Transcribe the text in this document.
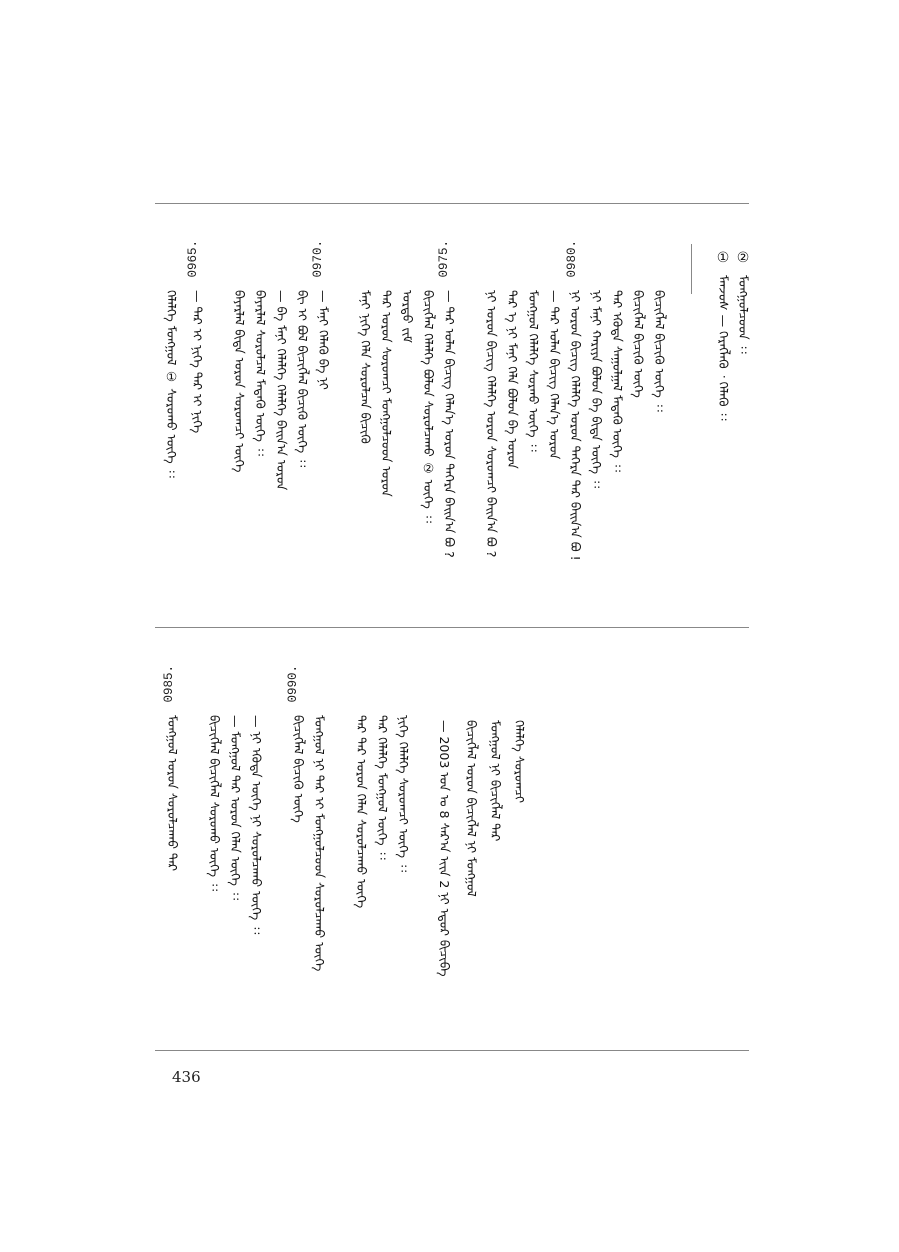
① ②
ᠮᠣᠩᠭᠣᠯᠴᠤᠳ ᠄᠄
ᠮᠠᠨᠵᠤᠰ — ᠬᠡᠷᠡᠭᠯᠡᠬᠦ ᠂ ᠬᠡᠯᠡᠬᠦ ᠄᠄
0980.
0975.
0970.
0965.
ᠪᠢᠴᠢᠭᠯᠡᠯ ᠪᠢᠴᠢᠬᠦ ᠦᠭᠡ ᠄᠄
ᠪᠢᠴᠢᠭᠯᠡᠯ ᠪᠢᠴᠢᠬᠦ ᠦᠭᠡ
ᠲᠡᠷ ᠡᠭᠦᠳᠡ ᠰᠠᠭᠤᠯᠭᠠᠯ ᠮᠡᠳᠡᠬᠦ ᠦᠭᠡ ᠄᠄
ᠨᠢ ᠮᠠᠨᠢ ᠬᠠᠷᠢᠶᠠ ᠪᠣᠯᠤᠨ ᠪᠠ ᠪᠢᠳᠡ ᠦᠭᠡ ᠄᠄
ᠨᠢ ᠣᠷᠣᠨ ᠪᠢᠴᠢᠭ ᠬᠡᠯᠡᠯᠭᠡ ᠣᠷᠣᠨ ᠳᠡᠭᠡᠷᠡ ᠲᠡᠷ ᠪᠠᠢᠨ᠎ᠠ ᠪᠣ !
— ᠲᠡᠷ ᠣᠯᠠᠨ ᠪᠢᠴᠢᠭ ᠬᠡᠯᠡᠨ᠎ᠡ ᠣᠷᠣᠨ
ᠮᠣᠩᠭᠣᠯ ᠬᠡᠯᠡᠯᠭᠡ ᠰᠤᠷᠬᠤ ᠦᠭᠡ ᠄᠄
ᠲᠡᠷ ᠡ ᠨᠢ ᠮᠠᠨᠢ ᠬᠡᠯᠡ ᠪᠣᠯᠤᠨ ᠪᠠ ᠣᠷᠣᠨ
ᠨᠢ ᠣᠷᠣᠨ ᠪᠢᠴᠢᠭ ᠬᠡᠯᠡᠯᠭᠡ ᠣᠷᠣᠨ ᠰᠤᠷᠤᠭᠴᠢ ᠪᠠᠢᠨ᠎ᠠ ᠪᠣ ?
— ᠲᠡᠷ ᠣᠯᠠᠨ ᠪᠢᠴᠢᠭ ᠬᠡᠯᠡᠨ᠎ᠡ ᠣᠷᠣᠨ ᠳᠡᠭᠡᠷᠡ ᠪᠠᠢᠨ᠎ᠠ ᠪᠣ ?
ᠪᠢᠴᠢᠭᠯᠡᠯ ᠬᠡᠯᠡᠯᠭᠡ ᠪᠣᠯᠤᠨ ᠰᠤᠷᠤᠯᠴᠠᠬᠤ ② ᠦᠭᠡ ᠄᠄
ᠤᠷᠲᠤ ᠵᠢᠮ
ᠲᠡᠷ ᠣᠷᠣᠨ ᠰᠤᠷᠤᠭᠴᠢ ᠮᠣᠩᠭᠣᠯᠴᠤᠳ ᠣᠷᠣᠨ
ᠮᠠᠨᠢ ᠨᠢᠭᠡ ᠬᠡᠯᠡ ᠰᠤᠷᠤᠯᠴᠠᠨ ᠪᠢᠴᠢᠬᠦ
— ᠮᠠᠨᠢ ᠬᠡᠯᠡᠬᠦ ᠪᠠ ᠨᠢ
ᠪᠢ ᠢ ᠪᠣᠯ ᠪᠢᠴᠢᠭᠯᠡᠯ ᠪᠢᠴᠢᠬᠦ ᠦᠭᠡ ᠄᠄
— ᠪᠠ ᠮᠠᠨᠢ ᠬᠡᠯᠡᠯᠭᠡ ᠬᠡᠯᠡᠯᠭᠡ ᠪᠠᠢᠨ᠎ᠠ ᠣᠷᠣᠨ
ᠪᠠᠶᠠᠷᠯᠠᠯ ᠰᠤᠷᠤᠯᠴᠠᠯ ᠮᠡᠳᠡᠬᠦ ᠦᠭᠡ ᠄᠄
ᠪᠠᠶᠠᠷᠯᠠᠯ ᠪᠢᠳᠡ ᠣᠷᠣᠨ ᠰᠤᠷᠤᠭᠴᠢ ᠦᠭᠡ
— ᠲᠡᠷ ᠢ ᠨᠢᠭᠡ ᠲᠡᠷ ᠢ ᠨᠢᠭᠡ
ᠬᠡᠯᠡᠯᠭᠡ ᠮᠣᠩᠭᠣᠯ ① ᠰᠤᠷᠤᠬᠤ ᠦᠭᠡ ᠄᠄
ᠬᠡᠯᠡᠯᠭᠡ ᠰᠤᠷᠤᠭᠴᠢ
ᠮᠣᠩᠭᠣᠯ ᠨᠢ ᠪᠢᠴᠢᠭᠯᠡᠯ ᠲᠡᠷ
ᠪᠢᠴᠢᠭᠯᠡᠯ ᠣᠷᠣᠨ ᠪᠢᠴᠢᠭᠯᠡᠯ ᠨᠢ ᠮᠣᠩᠭᠣᠯ
— 2003 ᠣᠨ ᠤ 8 ᠰᠠᠷ᠎ᠠ ᠢᠢᠨ 2 ᠨᠢ ᠡᠳᠦᠷ ᠪᠢᠴᠢᠪᠡ
0990.
0985.
ᠨᠢᠭᠡ ᠬᠡᠯᠡᠯᠭᠡ ᠰᠤᠷᠤᠭᠴᠢ ᠦᠭᠡ ᠄᠄
ᠲᠡᠷ ᠬᠡᠯᠡᠯᠭᠡ ᠮᠣᠩᠭᠣᠯ ᠦᠭᠡ ᠄᠄
ᠲᠡᠷ ᠲᠡᠷ ᠣᠷᠣᠨ ᠬᠡᠯᠡᠨ ᠰᠤᠷᠤᠯᠴᠠᠬᠤ ᠦᠭᠡ
ᠮᠣᠩᠭᠣᠯ ᠨᠢ ᠲᠡᠷ ᠢ ᠮᠣᠩᠭᠣᠯᠴᠤᠳ ᠰᠤᠷᠤᠯᠴᠠᠬᠤ ᠦᠭᠡ
ᠪᠢᠴᠢᠭᠯᠡᠯ ᠪᠢᠴᠢᠬᠦ ᠦᠭᠡ
— ᠨᠢ ᠡᠭᠦᠳᠡ ᠦᠭᠡ ᠨᠢ ᠰᠤᠷᠤᠯᠴᠠᠬᠤ ᠦᠭᠡ ᠄᠄
— ᠮᠣᠩᠭᠣᠯ ᠲᠡᠷ ᠣᠷᠣᠨ ᠬᠡᠯᠡᠨ ᠦᠭᠡ ᠄᠄
ᠪᠢᠴᠢᠭᠯᠡᠯ ᠪᠢᠴᠢᠭᠯᠡᠯ ᠰᠤᠷᠤᠬᠤ ᠦᠭᠡ ᠄᠄
ᠮᠣᠩᠭᠣᠯ ᠣᠷᠣᠨ ᠰᠤᠷᠤᠯᠴᠠᠬᠤ ᠲᠡᠷ
436
